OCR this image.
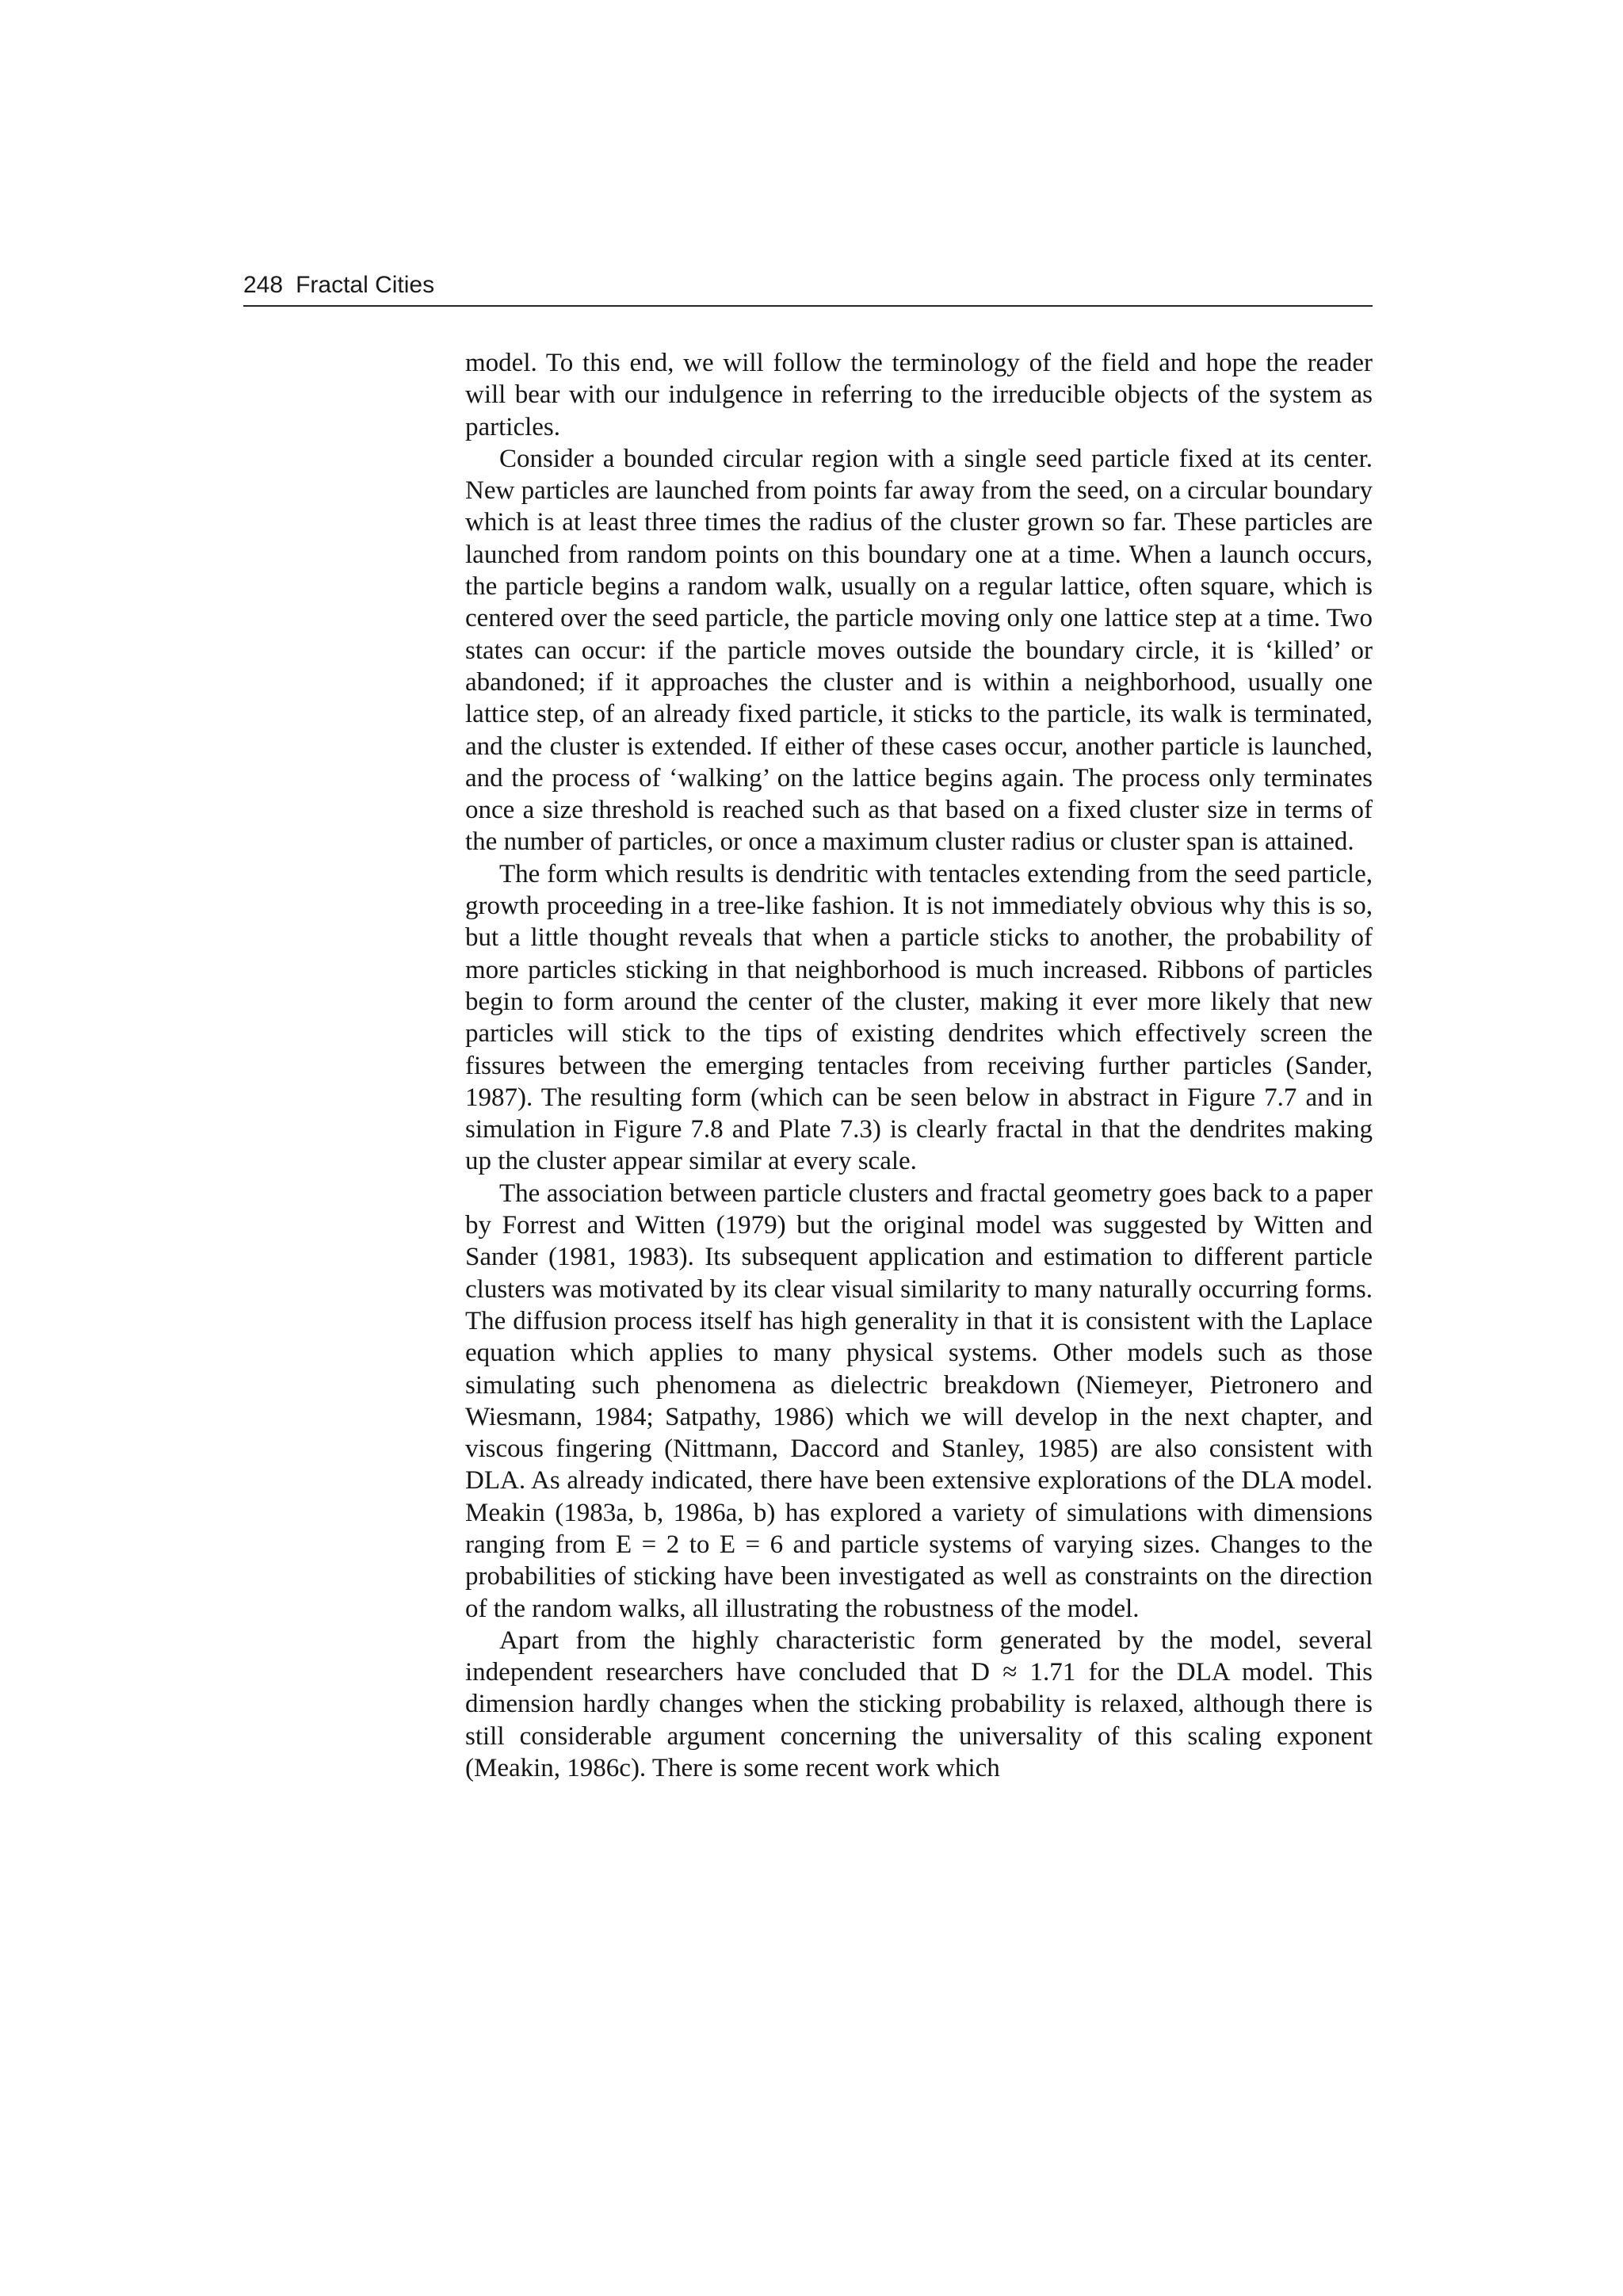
248 Fractal Cities

model. To this end, we will follow the terminology of the field and hope the reader will bear with our indulgence in referring to the irreducible objects of the system as particles.

Consider a bounded circular region with a single seed particle fixed at its center. New particles are launched from points far away from the seed, on a circular boundary which is at least three times the radius of the cluster grown so far. These particles are launched from random points on this boundary one at a time. When a launch occurs, the particle begins a random walk, usually on a regular lattice, often square, which is centered over the seed particle, the particle moving only one lattice step at a time. Two states can occur: if the particle moves outside the boundary circle, it is ‘killed’ or abandoned; if it approaches the cluster and is within a neighborhood, usually one lattice step, of an already fixed particle, it sticks to the particle, its walk is terminated, and the cluster is extended. If either of these cases occur, another particle is launched, and the process of ‘walking’ on the lattice begins again. The process only terminates once a size threshold is reached such as that based on a fixed cluster size in terms of the number of particles, or once a maximum cluster radius or cluster span is attained.

The form which results is dendritic with tentacles extending from the seed particle, growth proceeding in a tree-like fashion. It is not immediately obvious why this is so, but a little thought reveals that when a particle sticks to another, the probability of more particles sticking in that neighborhood is much increased. Ribbons of particles begin to form around the center of the cluster, making it ever more likely that new particles will stick to the tips of existing dendrites which effectively screen the fissures between the emerging tentacles from receiving further particles (Sander, 1987). The resulting form (which can be seen below in abstract in Figure 7.7 and in simulation in Figure 7.8 and Plate 7.3) is clearly fractal in that the dendrites making up the cluster appear similar at every scale.

The association between particle clusters and fractal geometry goes back to a paper by Forrest and Witten (1979) but the original model was suggested by Witten and Sander (1981, 1983). Its subsequent application and estimation to different particle clusters was motivated by its clear visual similarity to many naturally occurring forms. The diffusion process itself has high generality in that it is consistent with the Laplace equation which applies to many physical systems. Other models such as those simulating such phenomena as dielectric breakdown (Niemeyer, Pietronero and Wiesmann, 1984; Satpathy, 1986) which we will develop in the next chapter, and viscous fingering (Nittmann, Daccord and Stanley, 1985) are also consistent with DLA. As already indicated, there have been extensive explorations of the DLA model. Meakin (1983a, b, 1986a, b) has explored a variety of simulations with dimensions ranging from E = 2 to E = 6 and particle systems of varying sizes. Changes to the probabilities of sticking have been investigated as well as constraints on the direction of the random walks, all illustrating the robustness of the model.

Apart from the highly characteristic form generated by the model, several independent researchers have concluded that D ≈ 1.71 for the DLA model. This dimension hardly changes when the sticking probability is relaxed, although there is still considerable argument concerning the universality of this scaling exponent (Meakin, 1986c). There is some recent work which
